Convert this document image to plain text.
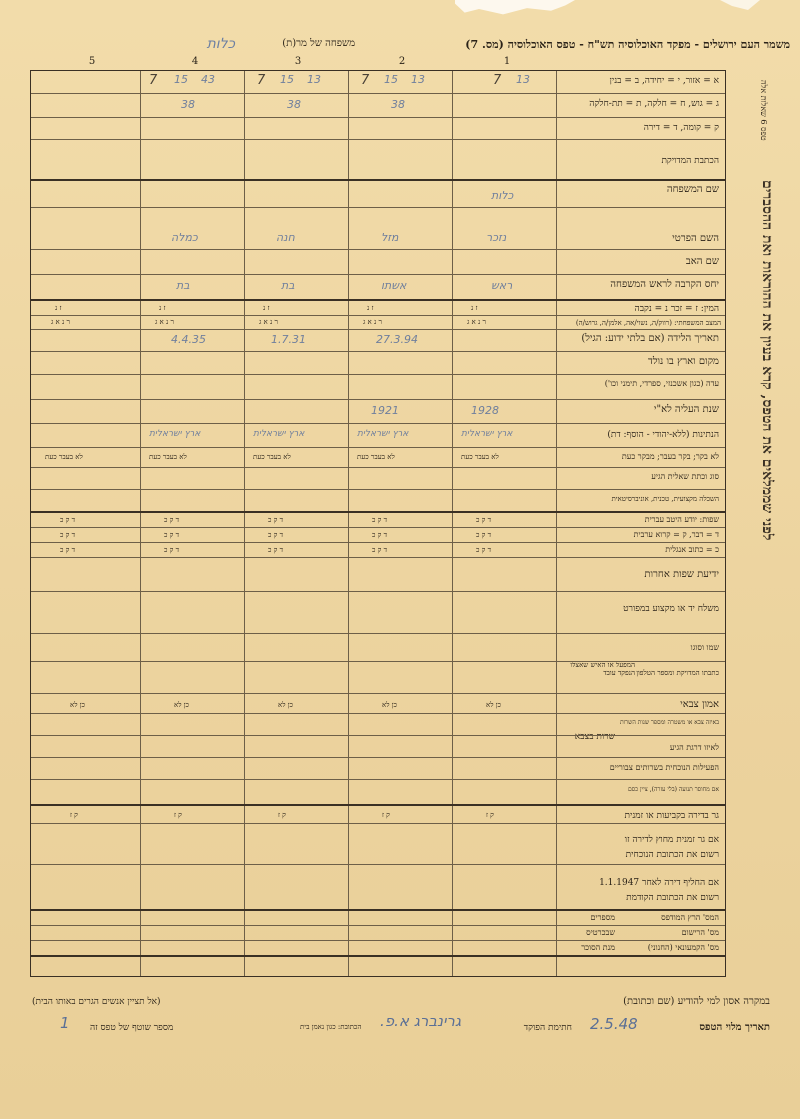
משמר העם ירושלים - מפקד האוכלוסיה תש"ח - טפס האוכלוסיה (מס. 7)
משפחה של מר(ת)
כלות
1
2
3
4
5
טפס 6 שאלות אלה
לפני שממלאים את הטפס, קרא בעיון את ההוראות ואת ההסברים
א = אזור, י = יחידה, ב = בנין
ג = גוש, ח = חלקה, ת = תת-חלקה
ק = קומה, ד = דירה
הכתבת המדויקת
7 13
7 15 13
7 15 13
7 15 43
38
38
38
שם המשפחה
השם הפרטי
שם האב
יחס הקרבה לראש המשפחה
כלות
נזכר
מזל
חנה
כמלה
ראש
אשתו
בת
בת
המין: ז = זכר נ = נקבה
המצב המשפחתי: (רווק/ה, נשוי/אה, אלמן/ה, גרוש/ה)
ז נ
ז נ
ז נ
ז נ
ז נ
ר נ א ג
ר נ א ג
ר נ א ג
ר נ א ג
ר נ א ג
תאריך הלידה (אם בלתי ידוע: הגיל)
מקום וארץ בו נולד
עדה (כגון אשכנזי, ספרדי, תימני וכו')
שנת העליה לא"י
הנתינות (ללא-יהודי - הוסף: דת)
27.3.94
1.7.31
4.4.35
1928
1921
ארץ ישראלית
ארץ ישראלית
ארץ ישראלית
ארץ ישראלית
לא בקר; בקר בעבר; מבקר כעת
סוג וכתת שאלית הגיע
השכלה מקצועית, טכנית, אוניברסיטאית
לא בעבר כעת
לא בעבר כעת
לא בעבר כעת
לא בעבר כעת
לא בעבר כעת
שפות: יודע היטב עברית
ד = דבר, ק = קרוא ערבית
כ = כתוב אנגלית
ד ק כ
ד ק כ
ד ק כ
ד ק כ
ד ק כ
ד ק כ
ד ק כ
ד ק כ
ד ק כ
ד ק כ
ד ק כ
ד ק כ
ד ק כ
ד ק כ
ד ק כ
ידיעת שפות אחרות
משלח יד או מקצוע במפורט
שמו וסוגו
כתבתו המדויקת ומספר הטלפון
המפעל או האיש שאצלו הנפקד עובד
אמון צבאי
כן לא
כן לא
כן לא
כן לא
כן לא
באיזה צבא או משטרה ומספר שנות השרות
לאיזו דרגת הגיע
שרות בצבא
הפעילות הנוכחית בשרותים צבוריים
אם מחוסר תנועה (בלי עזרה), ציין כסם
גר בדירה בקביעות או זמנית
ק ז
ק ז
ק ז
ק ז
ק ז
אם גר זמנית מחוץ לדירה זו
רשום את הכתובת הנוכחית
אם החליף דירה לאחר 1.1.1947
רשום את הכתובת הקודמת
המס' הרץ המודפס
מספרים
מס' הרישום
שבכרטיס
מס' הקמעונאי (החנוני)
מנת הסוכר
במקרה אסון למי להודיע (שם וכתובת)
(אל תציין אנשים הגרים באותו הבית)
תאריך מלוי הטפס
2.5.48
חתימת הפוקד
גרינברג א.פ.
הכתובת: כגון נאמן בית
מספר שוטף של טפס זה
1
